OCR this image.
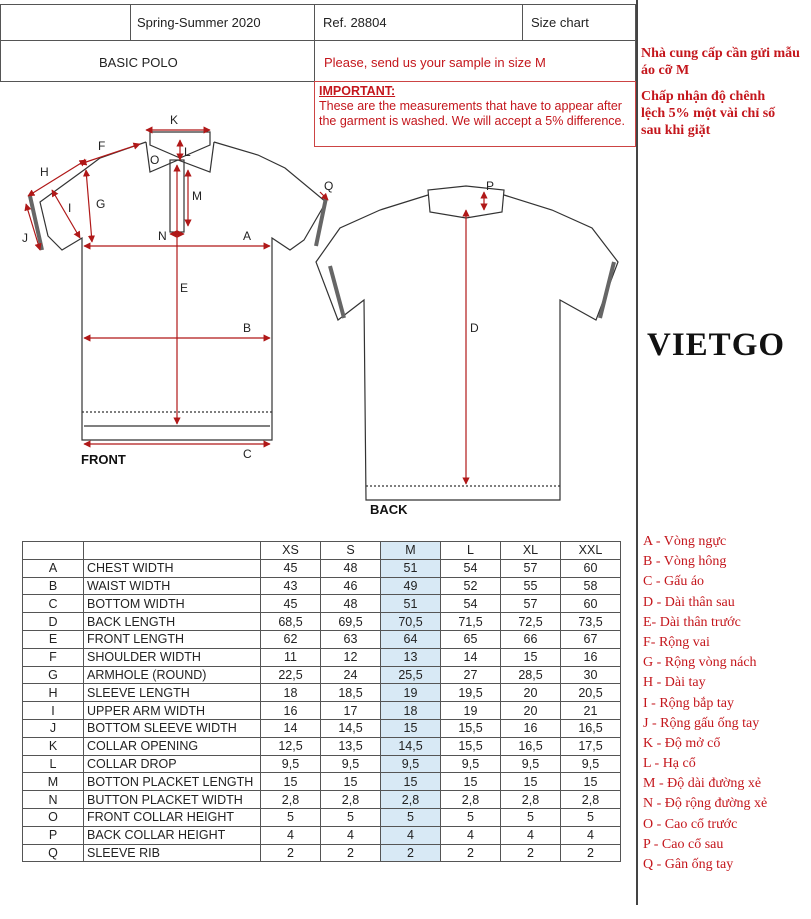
Spring-Summer 2020	Ref. 28804	Size chart
BASIC POLO	Please, send us your sample in size M
IMPORTANT:
These are the measurements that have to appear after the garment is washed. We will accept a 5% difference.
A
B
C
D
E
F
G
H
I
J
K
L
M
N
O
P
Q
FRONT
BACK
		XS	S	M	L	XL	XXL
A	CHEST WIDTH	45	48	51	54	57	60
B	WAIST WIDTH	43	46	49	52	55	58
C	BOTTOM WIDTH	45	48	51	54	57	60
D	BACK LENGTH	68,5	69,5	70,5	71,5	72,5	73,5
E	FRONT LENGTH	62	63	64	65	66	67
F	SHOULDER WIDTH	11	12	13	14	15	16
G	ARMHOLE (ROUND)	22,5	24	25,5	27	28,5	30
H	SLEEVE LENGTH	18	18,5	19	19,5	20	20,5
I	UPPER ARM WIDTH	16	17	18	19	20	21
J	BOTTOM SLEEVE WIDTH	14	14,5	15	15,5	16	16,5
K	COLLAR OPENING	12,5	13,5	14,5	15,5	16,5	17,5
L	COLLAR DROP	9,5	9,5	9,5	9,5	9,5	9,5
M	BOTTON PLACKET LENGTH	15	15	15	15	15	15
N	BUTTON PLACKET WIDTH	2,8	2,8	2,8	2,8	2,8	2,8
O	FRONT COLLAR HEIGHT	5	5	5	5	5	5
P	BACK COLLAR HEIGHT	4	4	4	4	4	4
Q	SLEEVE RIB	2	2	2	2	2	2
Nhà cung cấp cần gửi mẫu áo cỡ M
Chấp nhận độ chênh lệch 5% một vài chỉ số sau khi giặt
VIETGO
A - Vòng ngực
B - Vòng hông
C - Gấu áo
D - Dài thân sau
E- Dài thân trước
F- Rộng vai
G - Rộng vòng nách
H - Dài tay
I - Rộng bắp tay
J - Rộng gấu ống tay
K - Độ mở cổ
L - Hạ cổ
M - Độ dài đường xẻ
N - Độ rộng đường xẻ
O - Cao cổ trước
P - Cao cổ sau
Q - Gân ống tay
